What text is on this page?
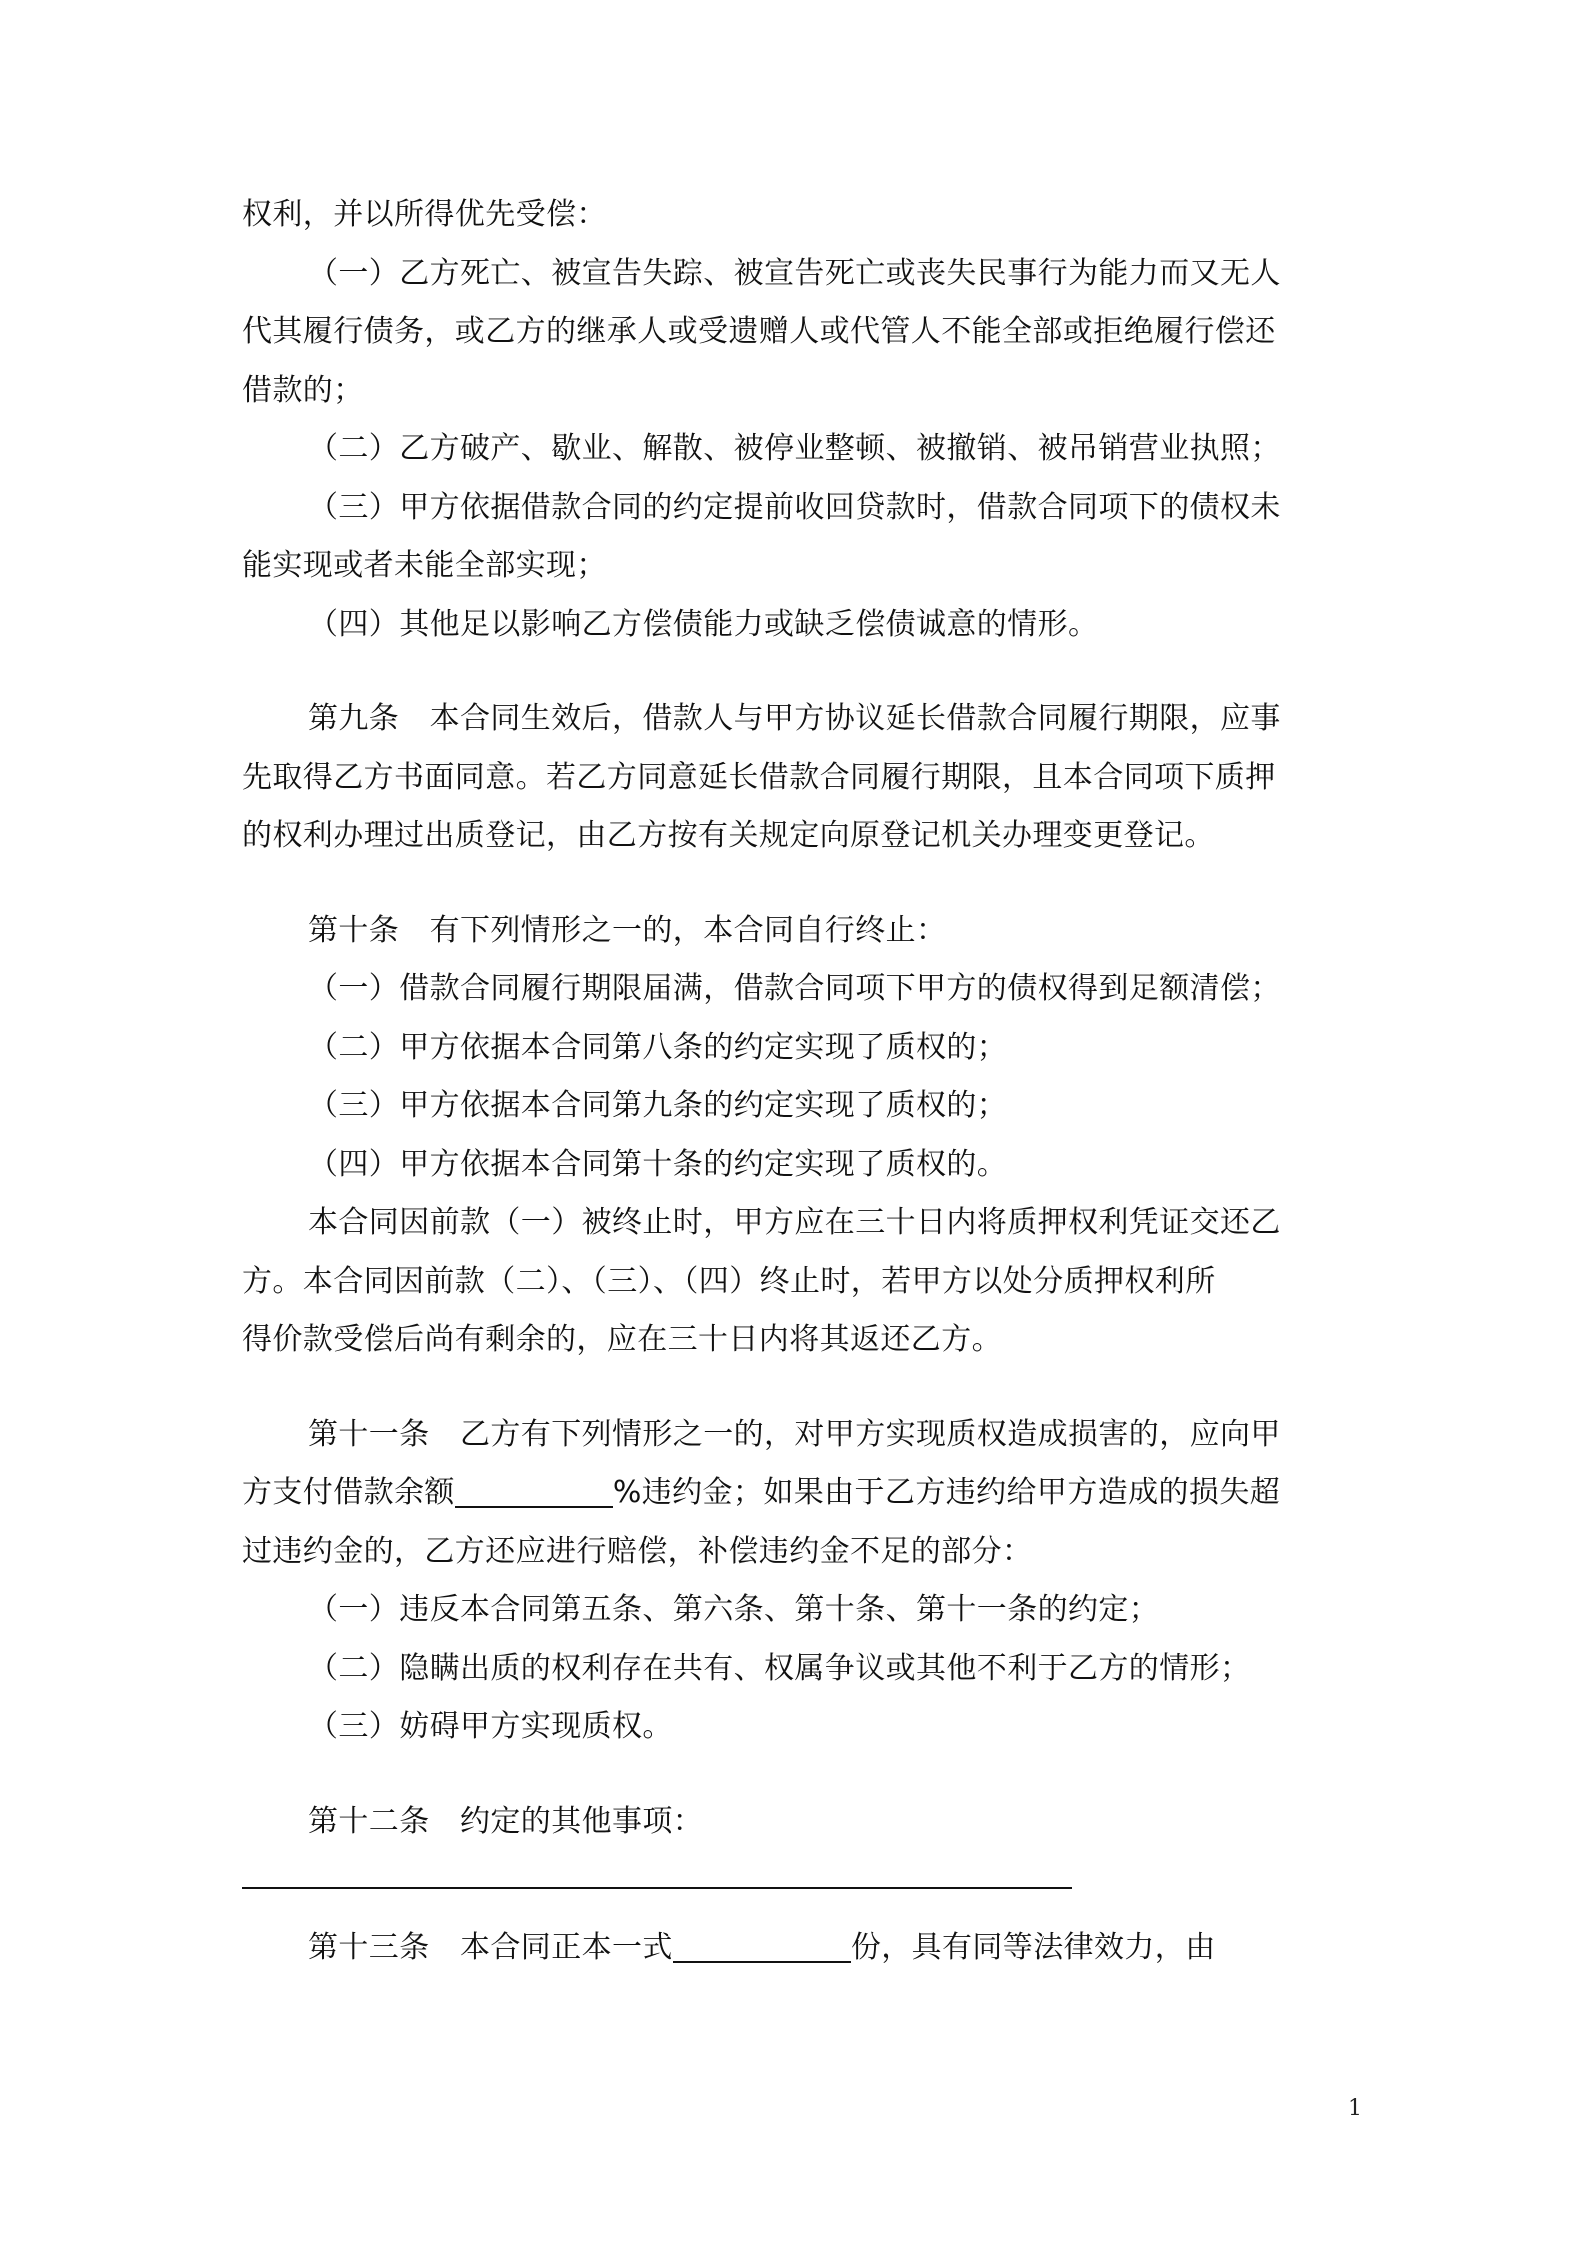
权利，并以所得优先受偿：
（一）乙方死亡、被宣告失踪、被宣告死亡或丧失民事行为能力而又无人
代其履行债务，或乙方的继承人或受遗赠人或代管人不能全部或拒绝履行偿还
借款的；
（二）乙方破产、歇业、解散、被停业整顿、被撤销、被吊销营业执照；
（三）甲方依据借款合同的约定提前收回贷款时，借款合同项下的债权未
能实现或者未能全部实现；
（四）其他足以影响乙方偿债能力或缺乏偿债诚意的情形。
第九条　本合同生效后，借款人与甲方协议延长借款合同履行期限，应事
先取得乙方书面同意。若乙方同意延长借款合同履行期限，且本合同项下质押
的权利办理过出质登记，由乙方按有关规定向原登记机关办理变更登记。
第十条　有下列情形之一的，本合同自行终止：
（一）借款合同履行期限届满，借款合同项下甲方的债权得到足额清偿；
（二）甲方依据本合同第八条的约定实现了质权的；
（三）甲方依据本合同第九条的约定实现了质权的；
（四）甲方依据本合同第十条的约定实现了质权的。
本合同因前款（一）被终止时，甲方应在三十日内将质押权利凭证交还乙
方。本合同因前款（二）、（三）、（四）终止时，若甲方以处分质押权利所
得价款受偿后尚有剩余的，应在三十日内将其返还乙方。
第十一条　乙方有下列情形之一的，对甲方实现质权造成损害的，应向甲
方支付借款余额	%违约金；如果由于乙方违约给甲方造成的损失超
过违约金的，乙方还应进行赔偿，补偿违约金不足的部分：
（一）违反本合同第五条、第六条、第十条、第十一条的约定；
（二）隐瞒出质的权利存在共有、权属争议或其他不利于乙方的情形；
（三）妨碍甲方实现质权。
第十二条　约定的其他事项：
第十三条　本合同正本一式	份，具有同等法律效力，由
1
